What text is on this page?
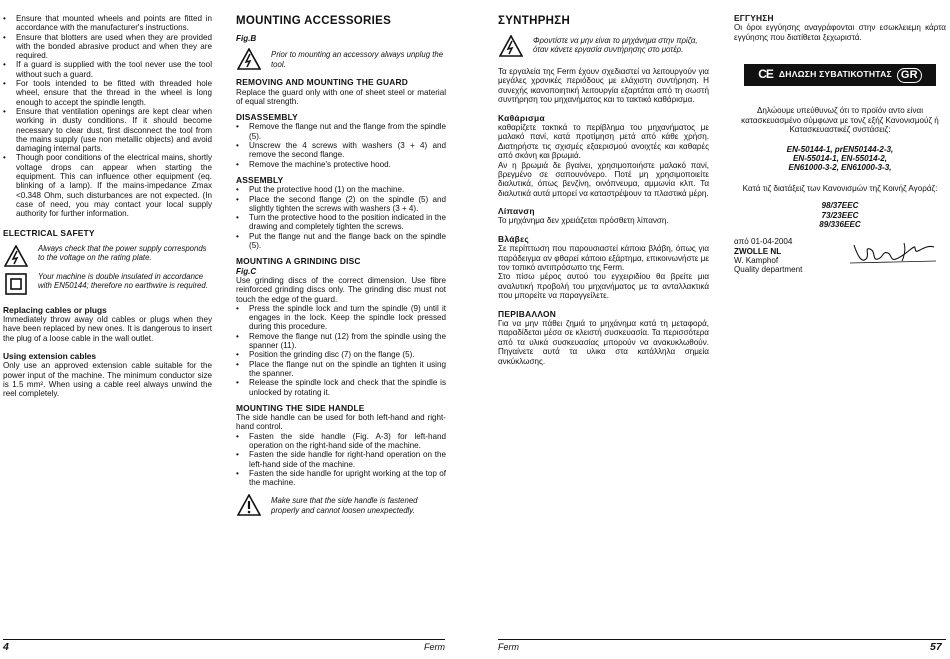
• Ensure that mounted wheels and points are fitted in accordance with the manufacturer's instructions.
• Ensure that blotters are used when they are provided with the bonded abrasive product and when they are required.
• If a guard is supplied with the tool never use the tool without such a guard.
• For tools intended to be fitted with threaded hole wheel, ensure that the thread in the wheel is long enough to accept the spindle length.
• Ensure that ventilation openings are kept clear when working in dusty conditions. If it should become necessary to clear dust, first disconnect the tool from the mains supply (use non metallic objects) and avoid damaging internal parts.
• Though poor conditions of the electrical mains, shortly voltage drops can appear when starting the equipment. This can influence other equipment (eq. blinking of a lamp). If the mains-impedance Zmax <0.348 Ohm, such disturbances are not expected. (In case of need, you may contact your local supply authority for further information.
ELECTRICAL SAFETY
Always check that the power supply corresponds to the voltage on the rating plate.
Your machine is double insulated in accordance with EN50144; therefore no earthwire is required.
Replacing cables or plugs

Immediately throw away old cables or plugs when they have been replaced by new ones. It is dangerous to insert the plug of a loose cable in the wall outlet.

Using extension cables

Only use an approved extension cable suitable for the power input of the machine. The minimum conductor size is 1.5 mm². When using a cable reel always unwind the reel completely.

MOUNTING ACCESSORIES
Fig.B
Prior to mounting an accessory always unplug the tool.
REMOVING AND MOUNTING THE GUARD

Replace the guard only with one of sheet steel or material of equal strength.

DISASSEMBLY
• Remove the flange nut and the flange from the spindle (5).
• Unscrew the 4 screws with washers (3 + 4) and remove the second flange.
• Remove the machine's protective hood.
ASSEMBLY
• Put the protective hood (1) on the machine.
• Place the second flange (2) on the spindle (5) and slightly tighten the screws with washers (3 + 4).
• Turn the protective hood to the position indicated in the drawing and completely tighten the screws.
• Put the flange nut and the flange back on the spindle (5).
MOUNTING A GRINDING DISC
Fig.C

Use grinding discs of the correct dimension. Use fibre reinforced grinding discs only. The grinding disc must not touch the edge of the guard.

• Press the spindle lock and turn the spindle (9) until it engages in the lock. Keep the spindle lock pressed during this procedure.
• Remove the flange nut (12) from the spindle using the spanner (11).
• Position the grinding disc (7) on the flange (5).
• Place the flange nut on the spindle an tighten it using the spanner.
• Release the spindle lock and check that the spindle is unlocked by rotating it.
MOUNTING THE SIDE HANDLE

The side handle can be used for both left-hand and right-hand control.

• Fasten the side handle (Fig. A-3) for left-hand operation on the right-hand side of the machine.
• Fasten the side handle for right-hand operation on the left-hand side of the machine.
• Fasten the side handle for upright working at the top of the machine.
Make sure that the side handle is fastened properly and cannot loosen unexpectedly.
ΣΥΝΤΗΡΗΣΗ
Φροντίστε να μην είναι το μηχάνημα στην πρίζα, όταν κάνετε εργασία συντήρησης στο μοτέρ.

Τα εργαλεία της Ferm έχουν σχεδιαστεί να λειτουργούν για μεγάλες χρονικές περιόδους με ελάχιστη συντήρηση. Η συνεχής ικανοποιητική λειτουργία εξαρτάται από τη σωστή συντήρηση του μηχανήματος και το τακτικό καθάρισμα.

Καθάρισμα

καθαρίζετε τακτικά το περίβλημα του μηχανήματος με μαλακό πανί, κατά προτίμηση μετά από κάθε χρήση. Διατηρήστε τις σχισμές εξαερισμού ανοιχτές και καθαρές από σκόνη και βρωμιά.

Αν η βρωμιά δε βγαίνει, χρησιμοποιήστε μαλακό πανί, βρεγμένο σε σαπουνόνερο. Ποτέ μη χρησιμοποιείτε διαλυτικά, όπως βενζίνη, οινόπνευμα, αμμωνία κλπ. Τα διαλυτικά αυτά μπορεί να καταστρέψουν τα πλαστικά μέρη.

Λίπανση

Το μηχάνημα δεν χρειάζεται πρόσθετη λίπανση.

Βλάβες

Σε περίπτωση που παρουσιαστεί κάποια βλάβη, όπως για παράδειγμα αν φθαρεί κάποιο εξάρτημα, επικοινωνήστε με τον τοπικό αντιπρόσωπο της Ferm.

Στο πίσω μέρος αυτού του εγχειριδίου θα βρείτε μια αναλυτική προβολή του μηχανήματος με τα ανταλλακτικά που μπορείτε να παραγγείλετε.

ΠΕΡΙΒΑΛΛΟΝ

Για να μην πάθει ζημιά το μηχάνημα κατά τη μεταφορά, παραδίδεται μέσα σε κλειστή συσκευασία. Τα περισσότερα από τα υλικά συσκευασίας μπορούν να ανακυκλωθούν. Πηγαίνετε αυτά τα υλικα στα κατάλληλα σημεία ανκύκλωσης.

ΕΓΓΥΗΣΗ

Οι όροι εγγύησης αναγράφονται στην εσωκλειεμη κάρτα εγγύησης που διατίθεται ξεχωριστά.

CE ΔΗΛΩΣΗ ΣΥΒΑΤΙΚΟΤΗΤΑΣ GR

Δηλώουμε υπεύθυνωζ ότι το προϊόν αντο είναι κατασκευασμένο σύμφωνα με τονζ εξήζ Κανονισμούζ ή Κατασκευαστικέζ σνστάσειζ:

EN-50144-1, prEN50144-2-3,
EN-55014-1, EN-55014-2,
EN61000-3-2, EN61000-3-3,

Κατά τιζ διατάξειζ των Κανονισμών τηζ Κοινήζ Αγοράζ:

98/37EEC
73/23EEC
89/336EEC
από 01-04-2004
ZWOLLE NL
W. Kamphof
Quality department
4	Ferm	Ferm	57
